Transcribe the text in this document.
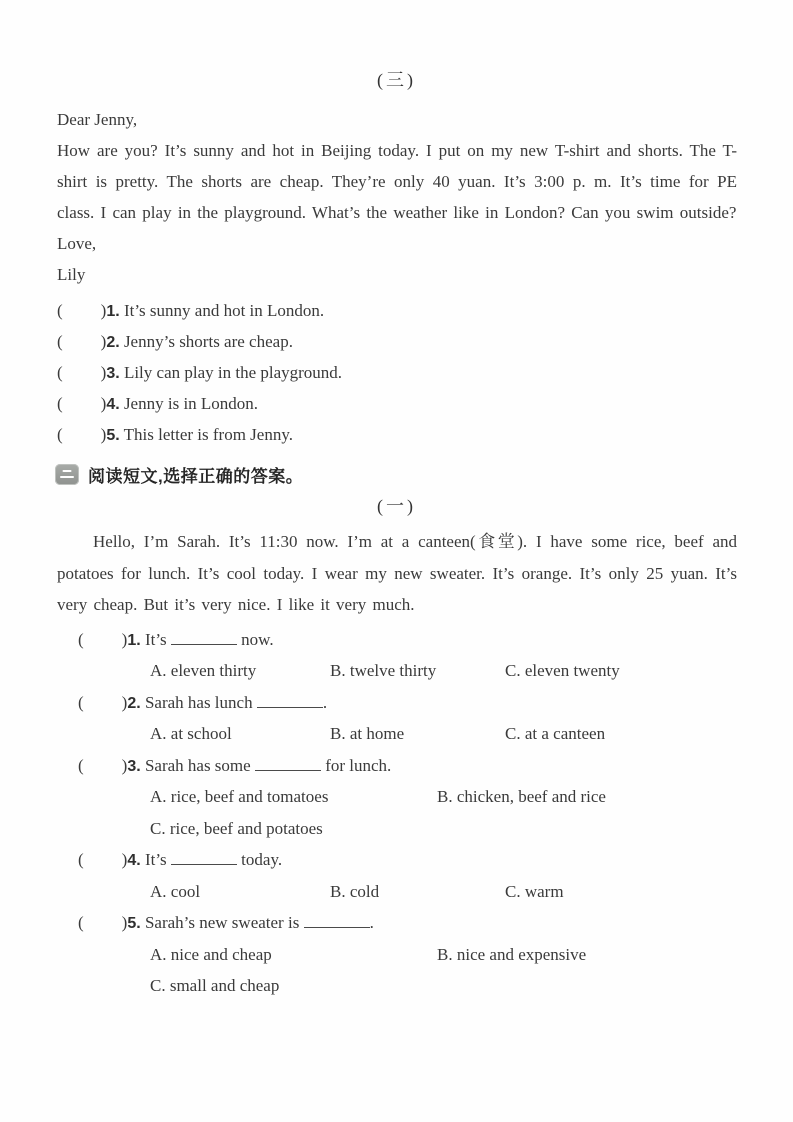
(三)
Dear Jenny,
How are you? It’s sunny and hot in Beijing today. I put on my new T-shirt and shorts. The T-shirt is pretty. The shorts are cheap. They’re only 40 yuan. It’s 3:00 p. m. It’s time for PE class. I can play in the playground. What’s the weather like in London? Can you swim outside?
Love,
Lily
( )1. It’s sunny and hot in London.
( )2. Jenny’s shorts are cheap.
( )3. Lily can play in the playground.
( )4. Jenny is in London.
( )5. This letter is from Jenny.
阅读短文,选择正确的答案。
(一)
Hello, I’m Sarah. It’s 11:30 now. I’m at a canteen(食堂). I have some rice, beef and potatoes for lunch. It’s cool today. I wear my new sweater. It’s orange. It’s only 25 yuan. It’s very cheap. But it’s very nice. I like it very much.
( )1. It’s	now.
A. eleven thirty	B. twelve thirty	C. eleven twenty
( )2. Sarah has lunch	.
A. at school	B. at home	C. at a canteen
( )3. Sarah has some	for lunch.
A. rice, beef and tomatoes	B. chicken, beef and rice
C. rice, beef and potatoes
( )4. It’s	today.
A. cool	B. cold	C. warm
( )5. Sarah’s new sweater is	.
A. nice and cheap	B. nice and expensive
C. small and cheap
